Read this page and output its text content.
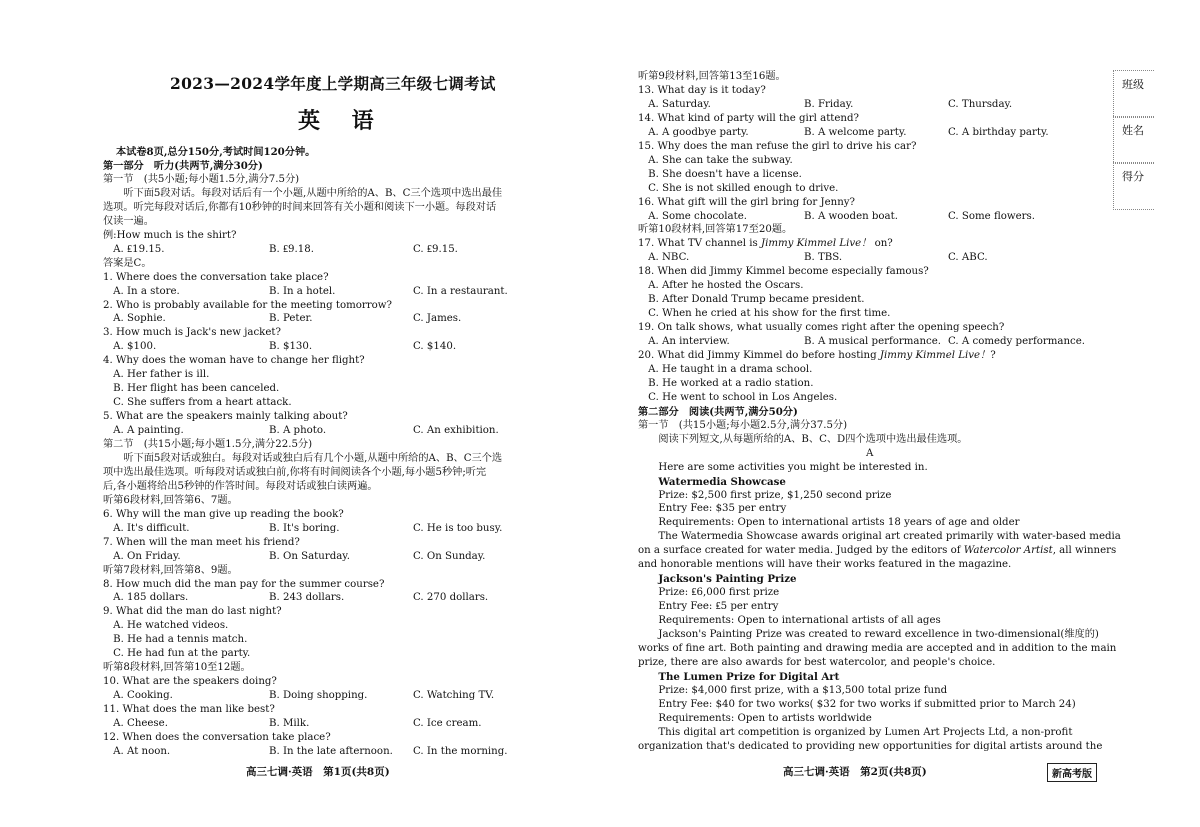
2023—2024学年度上学期高三年级七调考试
英 语
本试卷8页,总分150分,考试时间120分钟。
第一部分　听力(共两节,满分30分)
第一节　(共5小题;每小题1.5分,满分7.5分)
　　听下面5段对话。每段对话后有一个小题,从题中所给的A、B、C三个选项中选出最佳
选项。听完每段对话后,你都有10秒钟的时间来回答有关小题和阅读下一小题。每段对话
仅读一遍。
例:How much is the shirt?
　A. ₤19.15.	B. ₤9.18.	C. ₤9.15.
答案是C。
1. Where does the conversation take place?
　A. In a store.	B. In a hotel.	C. In a restaurant.
2. Who is probably available for the meeting tomorrow?
　A. Sophie.	B. Peter.	C. James.
3. How much is Jack's new jacket?
　A. $100.	B. $130.	C. $140.
4. Why does the woman have to change her flight?
　A. Her father is ill.
　B. Her flight has been canceled.
　C. She suffers from a heart attack.
5. What are the speakers mainly talking about?
　A. A painting.	B. A photo.	C. An exhibition.
第二节　(共15小题;每小题1.5分,满分22.5分)
　　听下面5段对话或独白。每段对话或独白后有几个小题,从题中所给的A、B、C三个选
项中选出最佳选项。听每段对话或独白前,你将有时间阅读各个小题,每小题5秒钟;听完
后,各小题将给出5秒钟的作答时间。每段对话或独白读两遍。
听第6段材料,回答第6、7题。
6. Why will the man give up reading the book?
　A. It's difficult.	B. It's boring.	C. He is too busy.
7. When will the man meet his friend?
　A. On Friday.	B. On Saturday.	C. On Sunday.
听第7段材料,回答第8、9题。
8. How much did the man pay for the summer course?
　A. 185 dollars.	B. 243 dollars.	C. 270 dollars.
9. What did the man do last night?
　A. He watched videos.
　B. He had a tennis match.
　C. He had fun at the party.
听第8段材料,回答第10至12题。
10. What are the speakers doing?
　A. Cooking.	B. Doing shopping.	C. Watching TV.
11. What does the man like best?
　A. Cheese.	B. Milk.	C. Ice cream.
12. When does the conversation take place?
　A. At noon.	B. In the late afternoon. C. In the morning.
听第9段材料,回答第13至16题。
13. What day is it today?
　A. Saturday.	B. Friday.	C. Thursday.
14. What kind of party will the girl attend?
　A. A goodbye party.	B. A welcome party.	C. A birthday party.
15. Why does the man refuse the girl to drive his car?
　A. She can take the subway.
　B. She doesn't have a license.
　C. She is not skilled enough to drive.
16. What gift will the girl bring for Jenny?
　A. Some chocolate.	B. A wooden boat.	C. Some flowers.
听第10段材料,回答第17至20题。
17. What TV channel is Jimmy Kimmel Live！ on?
　A. NBC.	B. TBS.	C. ABC.
18. When did Jimmy Kimmel become especially famous?
　A. After he hosted the Oscars.
　B. After Donald Trump became president.
　C. When he cried at his show for the first time.
19. On talk shows, what usually comes right after the opening speech?
　A. An interview.	B. A musical performance. C. A comedy performance.
20. What did Jimmy Kimmel do before hosting Jimmy Kimmel Live！?
　A. He taught in a drama school.
　B. He worked at a radio station.
　C. He went to school in Los Angeles.
第二部分　阅读(共两节,满分50分)
第一节　(共15小题;每小题2.5分,满分37.5分)
　　阅读下列短文,从每题所给的A、B、C、D四个选项中选出最佳选项。
A
　　Here are some activities you might be interested in.
　　Watermedia Showcase
　　Prize: $2,500 first prize, $1,250 second prize
　　Entry Fee: $35 per entry
　　Requirements: Open to international artists 18 years of age and older
　　The Watermedia Showcase awards original art created primarily with water-based media
on a surface created for water media. Judged by the editors of Watercolor Artist, all winners
and honorable mentions will have their works featured in the magazine.
　　Jackson's Painting Prize
　　Prize: ₤6,000 first prize
　　Entry Fee: ₤5 per entry
　　Requirements: Open to international artists of all ages
　　Jackson's Painting Prize was created to reward excellence in two-dimensional(维度的)
works of fine art. Both painting and drawing media are accepted and in addition to the main
prize, there are also awards for best watercolor, and people's choice.
　　The Lumen Prize for Digital Art
　　Prize: $4,000 first prize, with a $13,500 total prize fund
　　Entry Fee: $40 for two works( $32 for two works if submitted prior to March 24)
　　Requirements: Open to artists worldwide
　　This digital art competition is organized by Lumen Art Projects Ltd, a non-profit
organization that's dedicated to providing new opportunities for digital artists around the
班级
姓名
得分
高三七调·英语　第1页(共8页)	高三七调·英语　第2页(共8页)	新高考版
